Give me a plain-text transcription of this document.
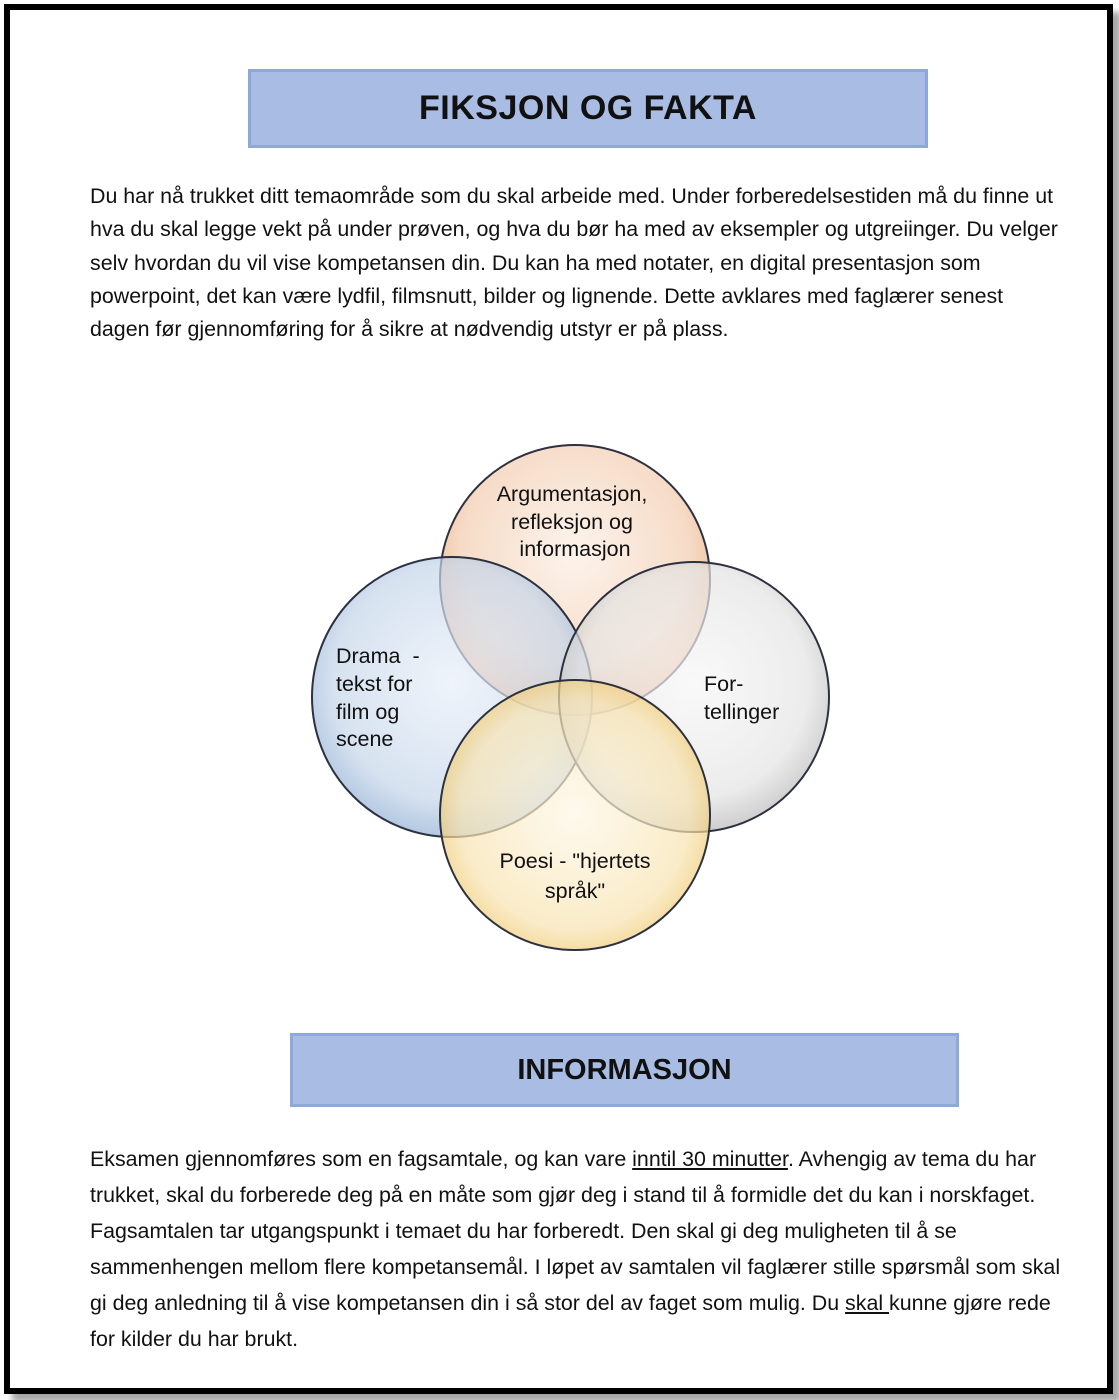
FIKSJON OG FAKTA

Du har nå trukket ditt temaområde som du skal arbeide med. Under forberedelsestiden må du finne ut hva du skal legge vekt på under prøven, og hva du bør ha med av eksempler og utgreiinger. Du velger selv hvordan du vil vise kompetansen din. Du kan ha med notater, en digital presentasjon som powerpoint, det kan være lydfil, filmsnutt, bilder og lignende. Dette avklares med faglærer senest dagen før gjennomføring for å sikre at nødvendig utstyr er på plass.

Argumentasjon, refleksjon og informasjon
Drama  - tekst for film og scene
For- tellinger
Poesi - "hjertets språk"
INFORMASJON

Eksamen gjennomføres som en fagsamtale, og kan vare inntil 30 minutter. Avhengig av tema du har trukket, skal du forberede deg på en måte som gjør deg i stand til å formidle det du kan i norskfaget. Fagsamtalen tar utgangspunkt i temaet du har forberedt. Den skal gi deg muligheten til å se sammenhengen mellom flere kompetansemål. I løpet av samtalen vil faglærer stille spørsmål som skal gi deg anledning til å vise kompetansen din i så stor del av faget som mulig. Du skal kunne gjøre rede for kilder du har brukt.
